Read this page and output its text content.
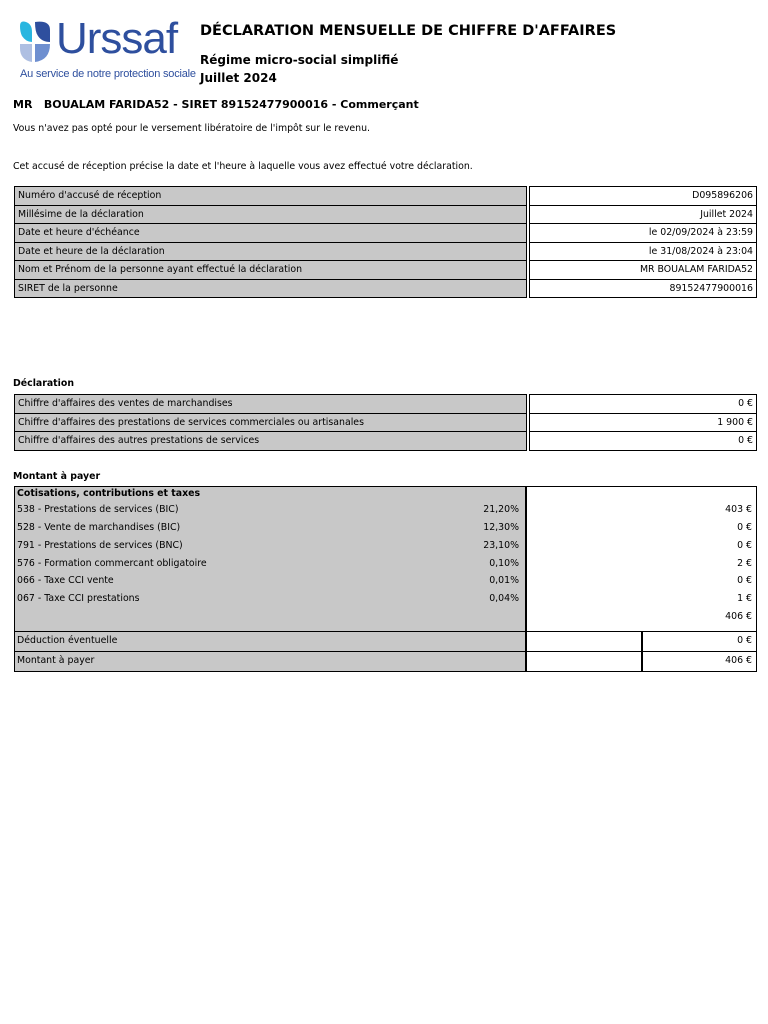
Urssaf
Au service de notre protection sociale
DÉCLARATION MENSUELLE DE CHIFFRE D'AFFAIRES
Régime micro-social simplifié
Juillet 2024
MR   BOUALAM FARIDA52 - SIRET 89152477900016 - Commerçant
Vous n'avez pas opté pour le versement libératoire de l'impôt sur le revenu.
Cet accusé de réception précise la date et l'heure à laquelle vous avez effectué votre déclaration.
Numéro d'accusé de réception		D095896206
Millésime de la déclaration		Juillet 2024
Date et heure d'échéance		le 02/09/2024 à 23:59
Date et heure de la déclaration		le 31/08/2024 à 23:04
Nom et Prénom de la personne ayant effectué la déclaration		MR BOUALAM FARIDA52
SIRET de la personne		89152477900016
Déclaration
Chiffre d'affaires des ventes de marchandises		0 €
Chiffre d'affaires des prestations de services commerciales ou artisanales		1 900 €
Chiffre d'affaires des autres prestations de services		0 €
Montant à payer
Cotisations, contributions et taxes
538 - Prestations de services (BIC)	21,20%	403 €
528 - Vente de marchandises (BIC)	12,30%	0 €
791 - Prestations de services (BNC)	23,10%	0 €
576 - Formation commercant obligatoire	0,10%	2 €
066 - Taxe CCI vente	0,01%	0 €
067 - Taxe CCI prestations	0,04%	1 €
406 €
Déduction éventuelle	0 €
Montant à payer	406 €
